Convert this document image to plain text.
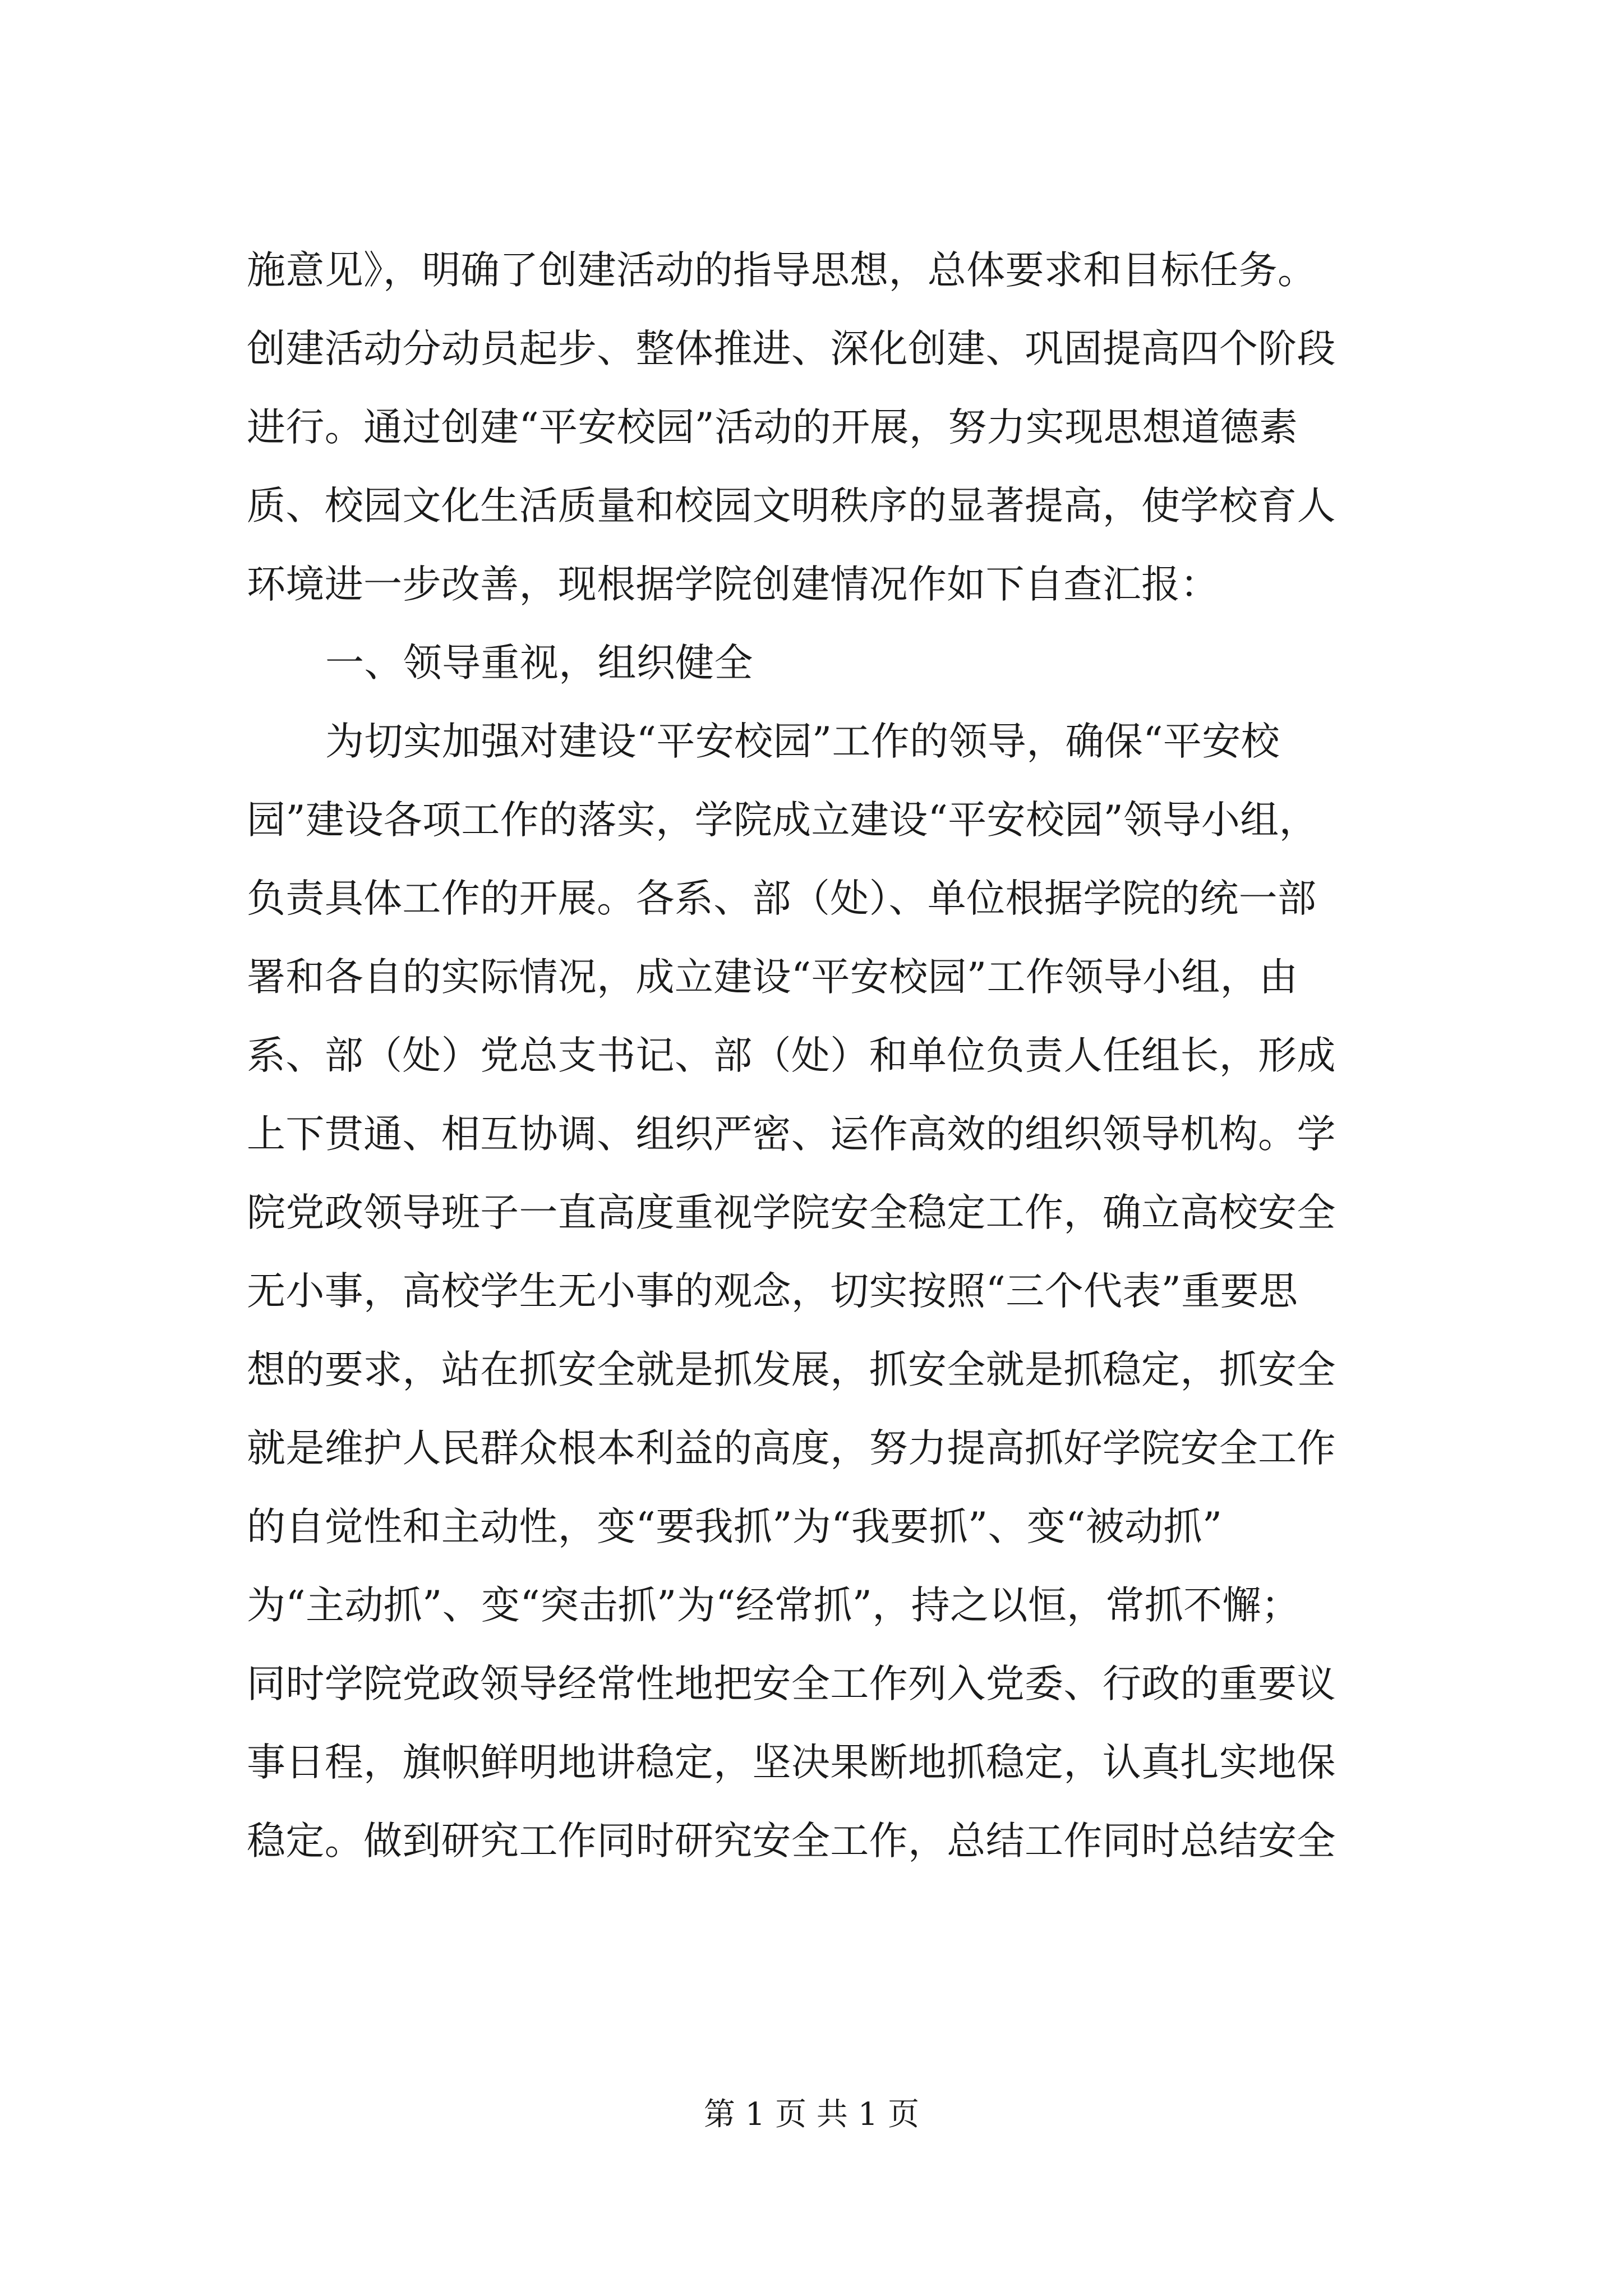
施意见》，明确了创建活动的指导思想，总体要求和目标任务。
创建活动分动员起步、整体推进、深化创建、巩固提高四个阶段
进行。通过创建“平安校园”活动的开展，努力实现思想道德素
质、校园文化生活质量和校园文明秩序的显著提高，使学校育人
环境进一步改善，现根据学院创建情况作如下自查汇报：
一、领导重视，组织健全
为切实加强对建设“平安校园”工作的领导，确保“平安校
园”建设各项工作的落实，学院成立建设“平安校园”领导小组，
负责具体工作的开展。各系、部（处）、单位根据学院的统一部
署和各自的实际情况，成立建设“平安校园”工作领导小组，由
系、部（处）党总支书记、部（处）和单位负责人任组长，形成
上下贯通、相互协调、组织严密、运作高效的组织领导机构。学
院党政领导班子一直高度重视学院安全稳定工作，确立高校安全
无小事，高校学生无小事的观念，切实按照“三个代表”重要思
想的要求，站在抓安全就是抓发展，抓安全就是抓稳定，抓安全
就是维护人民群众根本利益的高度，努力提高抓好学院安全工作
的自觉性和主动性，变“要我抓”为“我要抓”、变“被动抓”
为“主动抓”、变“突击抓”为“经常抓”，持之以恒，常抓不懈；
同时学院党政领导经常性地把安全工作列入党委、行政的重要议
事日程，旗帜鲜明地讲稳定，坚决果断地抓稳定，认真扎实地保
稳定。做到研究工作同时研究安全工作，总结工作同时总结安全
第 1 页 共 1 页
